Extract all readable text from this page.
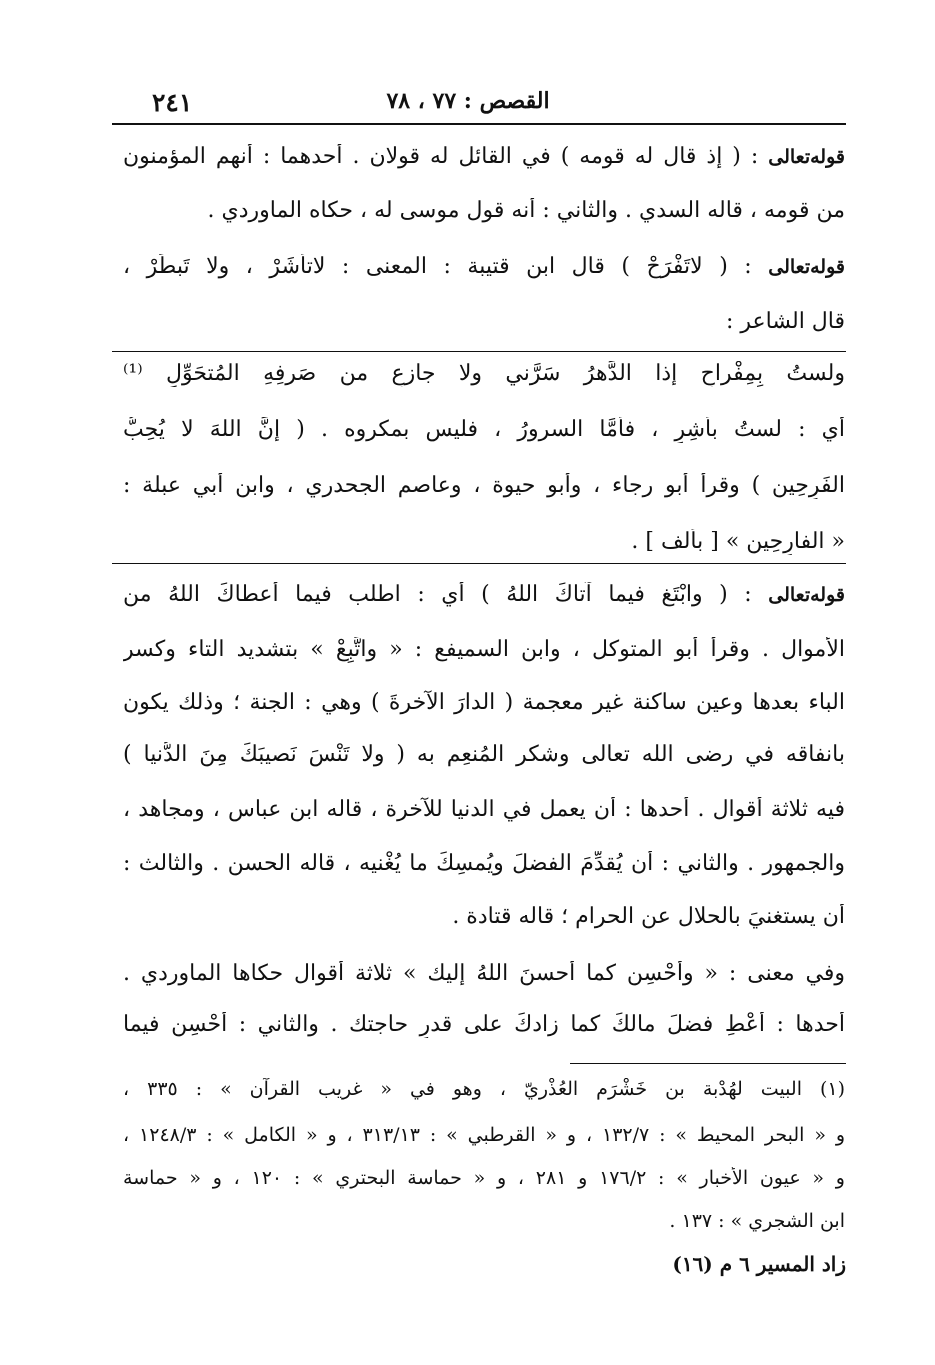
٢٤١	القصص : ٧٧ ، ٧٨
قوله‌تعالى : ( إذ قال له قومه ) في القائل له قولان . أحدهما : أنهم المؤمنون
من قومه ، قاله السدي . والثاني : أنه قول موسى له ، حكاه الماوردي .
قوله‌تعالى : ( لاتَفْرَحْ ) قال ابن قتيبة : المعنى : لاتأشَرْ ، ولا تَبطَرْ ،
قال الشاعر :
ولستُ بِمِفْراحٍ إذا الدَّهرُ سَرَّني ولا جازعٍ من صَرفِهِ المُتحَوِّلِ ⁽¹⁾
أي : لستُ بأشِرٍ ، فأمَّا السرورُ ، فليس بمكروه . ( إنَّ اللهَ لا يُحِبُّ
الفَرِحِين ) وقرأ أبو رجاء ، وأبو حيوة ، وعاصم الجحدري ، وابن أبي عبلة :
« الفارِحِين » [ بألف ] .
قوله‌تعالى : ( وابْتَغِ فيما آتاكَ اللهُ ) أي : اطلب فيما أعطاكَ اللهُ من
الأموال . وقرأ أبو المتوكل ، وابن السميفع : « واتَّبِعْ » بتشديد التاء وكسر
الباء بعدها وعين ساكنة غير معجمة ( الدارَ الآخرةَ ) وهي : الجنة ؛ وذلك يكون
بانفاقه في رضى الله تعالى وشكر المُنعِم به ( ولا تَنْسَ نَصيبَكَ مِنَ الدُّنيا )
فيه ثلاثة أقوال . أحدها : أن يعمل في الدنيا للآخرة ، قاله ابن عباس ، ومجاهد ،
والجمهور . والثاني : أن يُقدِّمَ الفضلَ ويُمسِكَ ما يُغْنيه ، قاله الحسن . والثالث :
أن يستغنيَ بالحلال عن الحرام ؛ قاله قتادة .
وفي معنى : « وأحْسِن كما أحسنَ اللهُ إليك » ثلاثة أقوال حكاها الماوردي .
أحدها : أعْطِ فضلَ مالكَ كما زادكَ على قدرِ حاجتك . والثاني : أحْسِن فيما
(١) البيت لهُدْبة بن خَشْرَم العُذْريّ ، وهو في « غريب القرآن » : ٣٣٥ ،
و « البحر المحيط » : ١٣٢/٧ ، و « القرطبي » : ٣١٣/١٣ ، و « الكامل » : ١٢٤٨/٣ ،
و « عيون الأخبار » : ١٧٦/٢ و ٢٨١ ، و « حماسة البحتري » : ١٢٠ ، و « حماسة
ابن الشجري » : ١٣٧ .
زاد المسير ٦ م (١٦)
